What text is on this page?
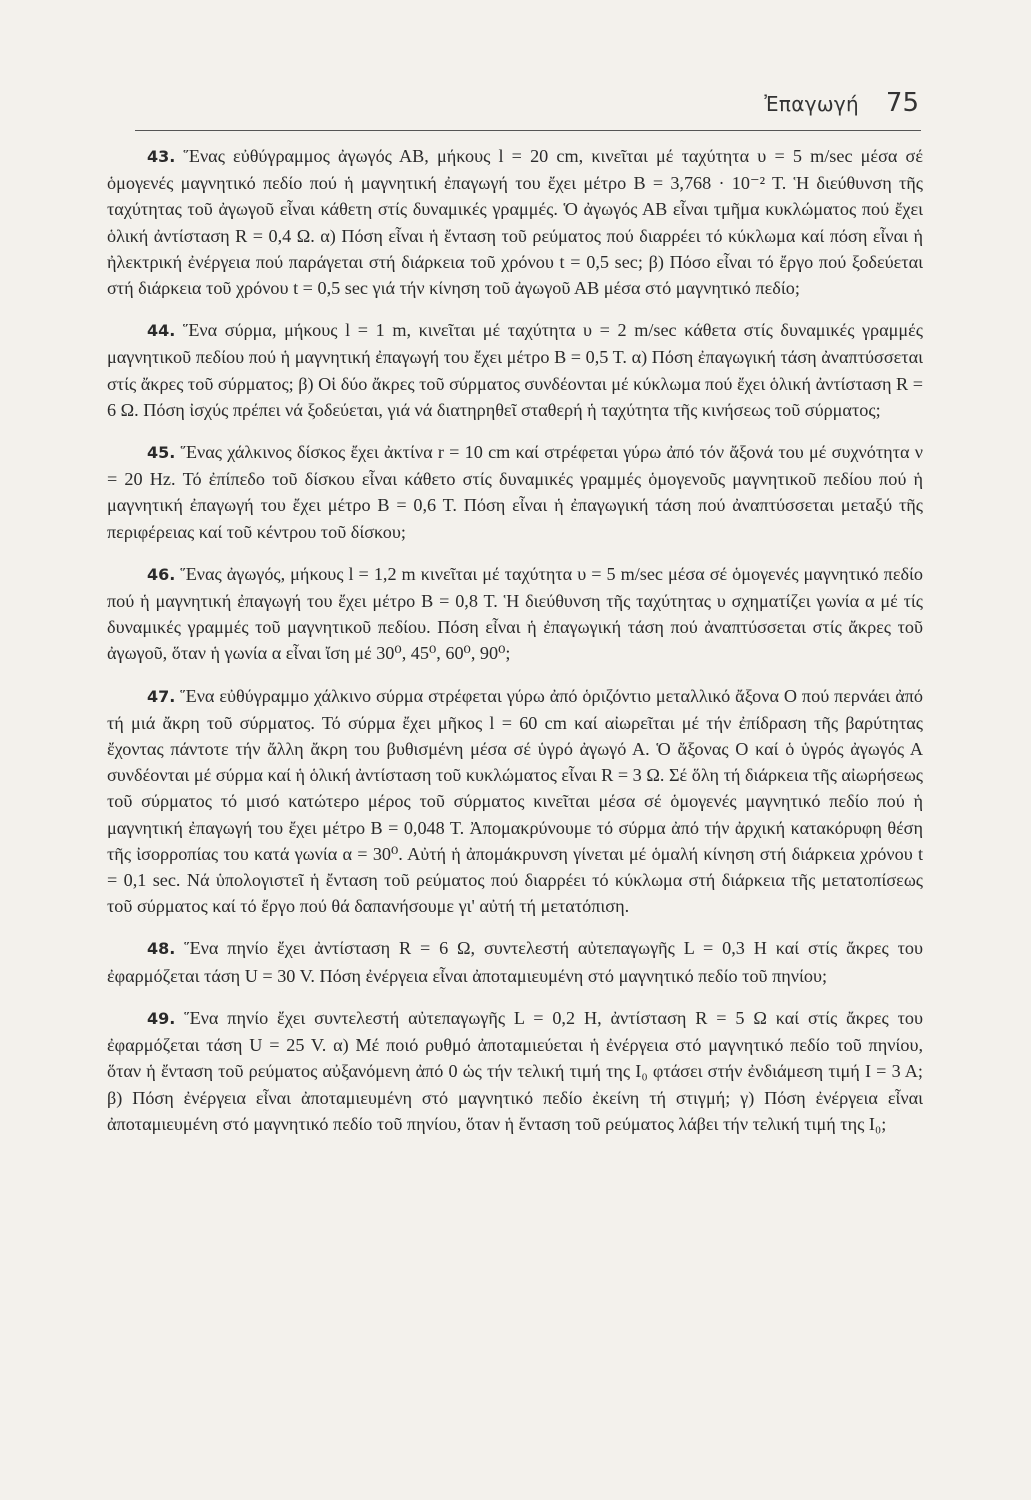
Ἐπαγωγή 75

43. Ἕνας εὐθύγραμμος ἀγωγός ΑΒ, μήκους l = 20 cm, κινεῖται μέ ταχύτητα υ = 5 m/sec μέσα σέ ὁμογενές μαγνητικό πεδίο πού ἡ μαγνητική ἐπαγωγή του ἔχει μέτρο B = 3,768 · 10⁻² T. Ἡ διεύθυνση τῆς ταχύτητας τοῦ ἀγωγοῦ εἶναι κάθετη στίς δυναμικές γραμμές. Ὁ ἀγωγός ΑΒ εἶναι τμῆμα κυκλώματος πού ἔχει ὁλική ἀντίσταση R = 0,4 Ω. α) Πόση εἶναι ἡ ἔνταση τοῦ ρεύματος πού διαρρέει τό κύκλωμα καί πόση εἶναι ἡ ἠλεκτρική ἐνέργεια πού παράγεται στή διάρκεια τοῦ χρόνου t = 0,5 sec; β) Πόσο εἶναι τό ἔργο πού ξοδεύεται στή διάρκεια τοῦ χρόνου t = 0,5 sec γιά τήν κίνηση τοῦ ἀγωγοῦ ΑΒ μέσα στό μαγνητικό πεδίο;

44. Ἕνα σύρμα, μήκους l = 1 m, κινεῖται μέ ταχύτητα υ = 2 m/sec κάθετα στίς δυναμικές γραμμές μαγνητικοῦ πεδίου πού ἡ μαγνητική ἐπαγωγή του ἔχει μέτρο B = 0,5 T. α) Πόση ἐπαγωγική τάση ἀναπτύσσεται στίς ἄκρες τοῦ σύρματος; β) Οἱ δύο ἄκρες τοῦ σύρματος συνδέονται μέ κύκλωμα πού ἔχει ὁλική ἀντίσταση R = 6 Ω. Πόση ἰσχύς πρέπει νά ξοδεύεται, γιά νά διατηρηθεῖ σταθερή ἡ ταχύτητα τῆς κινήσεως τοῦ σύρματος;

45. Ἕνας χάλκινος δίσκος ἔχει ἀκτίνα r = 10 cm καί στρέφεται γύρω ἀπό τόν ἄξονά του μέ συχνότητα ν = 20 Hz. Τό ἐπίπεδο τοῦ δίσκου εἶναι κάθετο στίς δυναμικές γραμμές ὁμογενοῦς μαγνητικοῦ πεδίου πού ἡ μαγνητική ἐπαγωγή του ἔχει μέτρο B = 0,6 T. Πόση εἶναι ἡ ἐπαγωγική τάση πού ἀναπτύσσεται μεταξύ τῆς περιφέρειας καί τοῦ κέντρου τοῦ δίσκου;

46. Ἕνας ἀγωγός, μήκους l = 1,2 m κινεῖται μέ ταχύτητα υ = 5 m/sec μέσα σέ ὁμογενές μαγνητικό πεδίο πού ἡ μαγνητική ἐπαγωγή του ἔχει μέτρο B = 0,8 T. Ἡ διεύθυνση τῆς ταχύτητας υ σχηματίζει γωνία α μέ τίς δυναμικές γραμμές τοῦ μαγνητικοῦ πεδίου. Πόση εἶναι ἡ ἐπαγωγική τάση πού ἀναπτύσσεται στίς ἄκρες τοῦ ἀγωγοῦ, ὅταν ἡ γωνία α εἶναι ἴση μέ 30⁰, 45⁰, 60⁰, 90⁰;

47. Ἕνα εὐθύγραμμο χάλκινο σύρμα στρέφεται γύρω ἀπό ὁριζόντιο μεταλλικό ἄξονα Ο πού περνάει ἀπό τή μιά ἄκρη τοῦ σύρματος. Τό σύρμα ἔχει μῆκος l = 60 cm καί αἰωρεῖται μέ τήν ἐπίδραση τῆς βαρύτητας ἔχοντας πάντοτε τήν ἄλλη ἄκρη του βυθισμένη μέσα σέ ὑγρό ἀγωγό Α. Ὁ ἄξονας Ο καί ὁ ὑγρός ἀγωγός Α συνδέονται μέ σύρμα καί ἡ ὁλική ἀντίσταση τοῦ κυκλώματος εἶναι R = 3 Ω. Σέ ὅλη τή διάρκεια τῆς αἰωρήσεως τοῦ σύρματος τό μισό κατώτερο μέρος τοῦ σύρματος κινεῖται μέσα σέ ὁμογενές μαγνητικό πεδίο πού ἡ μαγνητική ἐπαγωγή του ἔχει μέτρο B = 0,048 T. Ἀπομακρύνουμε τό σύρμα ἀπό τήν ἀρχική κατακόρυφη θέση τῆς ἰσορροπίας του κατά γωνία α = 30⁰. Αὐτή ἡ ἀπομάκρυνση γίνεται μέ ὁμαλή κίνηση στή διάρκεια χρόνου t = 0,1 sec. Νά ὑπολογιστεῖ ἡ ἔνταση τοῦ ρεύματος πού διαρρέει τό κύκλωμα στή διάρκεια τῆς μετατοπίσεως τοῦ σύρματος καί τό ἔργο πού θά δαπανήσουμε γι' αὐτή τή μετατόπιση.

48. Ἕνα πηνίο ἔχει ἀντίσταση R = 6 Ω, συντελεστή αὐτεπαγωγῆς L = 0,3 H καί στίς ἄκρες του ἐφαρμόζεται τάση U = 30 V. Πόση ἐνέργεια εἶναι ἀποταμιευμένη στό μαγνητικό πεδίο τοῦ πηνίου;

49. Ἕνα πηνίο ἔχει συντελεστή αὐτεπαγωγῆς L = 0,2 H, ἀντίσταση R = 5 Ω καί στίς ἄκρες του ἐφαρμόζεται τάση U = 25 V. α) Μέ ποιό ρυθμό ἀποταμιεύεται ἡ ἐνέργεια στό μαγνητικό πεδίο τοῦ πηνίου, ὅταν ἡ ἔνταση τοῦ ρεύματος αὐξανόμενη ἀπό 0 ὡς τήν τελική τιμή της I₀ φτάσει στήν ἐνδιάμεση τιμή I = 3 A; β) Πόση ἐνέργεια εἶναι ἀποταμιευμένη στό μαγνητικό πεδίο ἐκείνη τή στιγμή; γ) Πόση ἐνέργεια εἶναι ἀποταμιευμένη στό μαγνητικό πεδίο τοῦ πηνίου, ὅταν ἡ ἔνταση τοῦ ρεύματος λάβει τήν τελική τιμή της I₀;
